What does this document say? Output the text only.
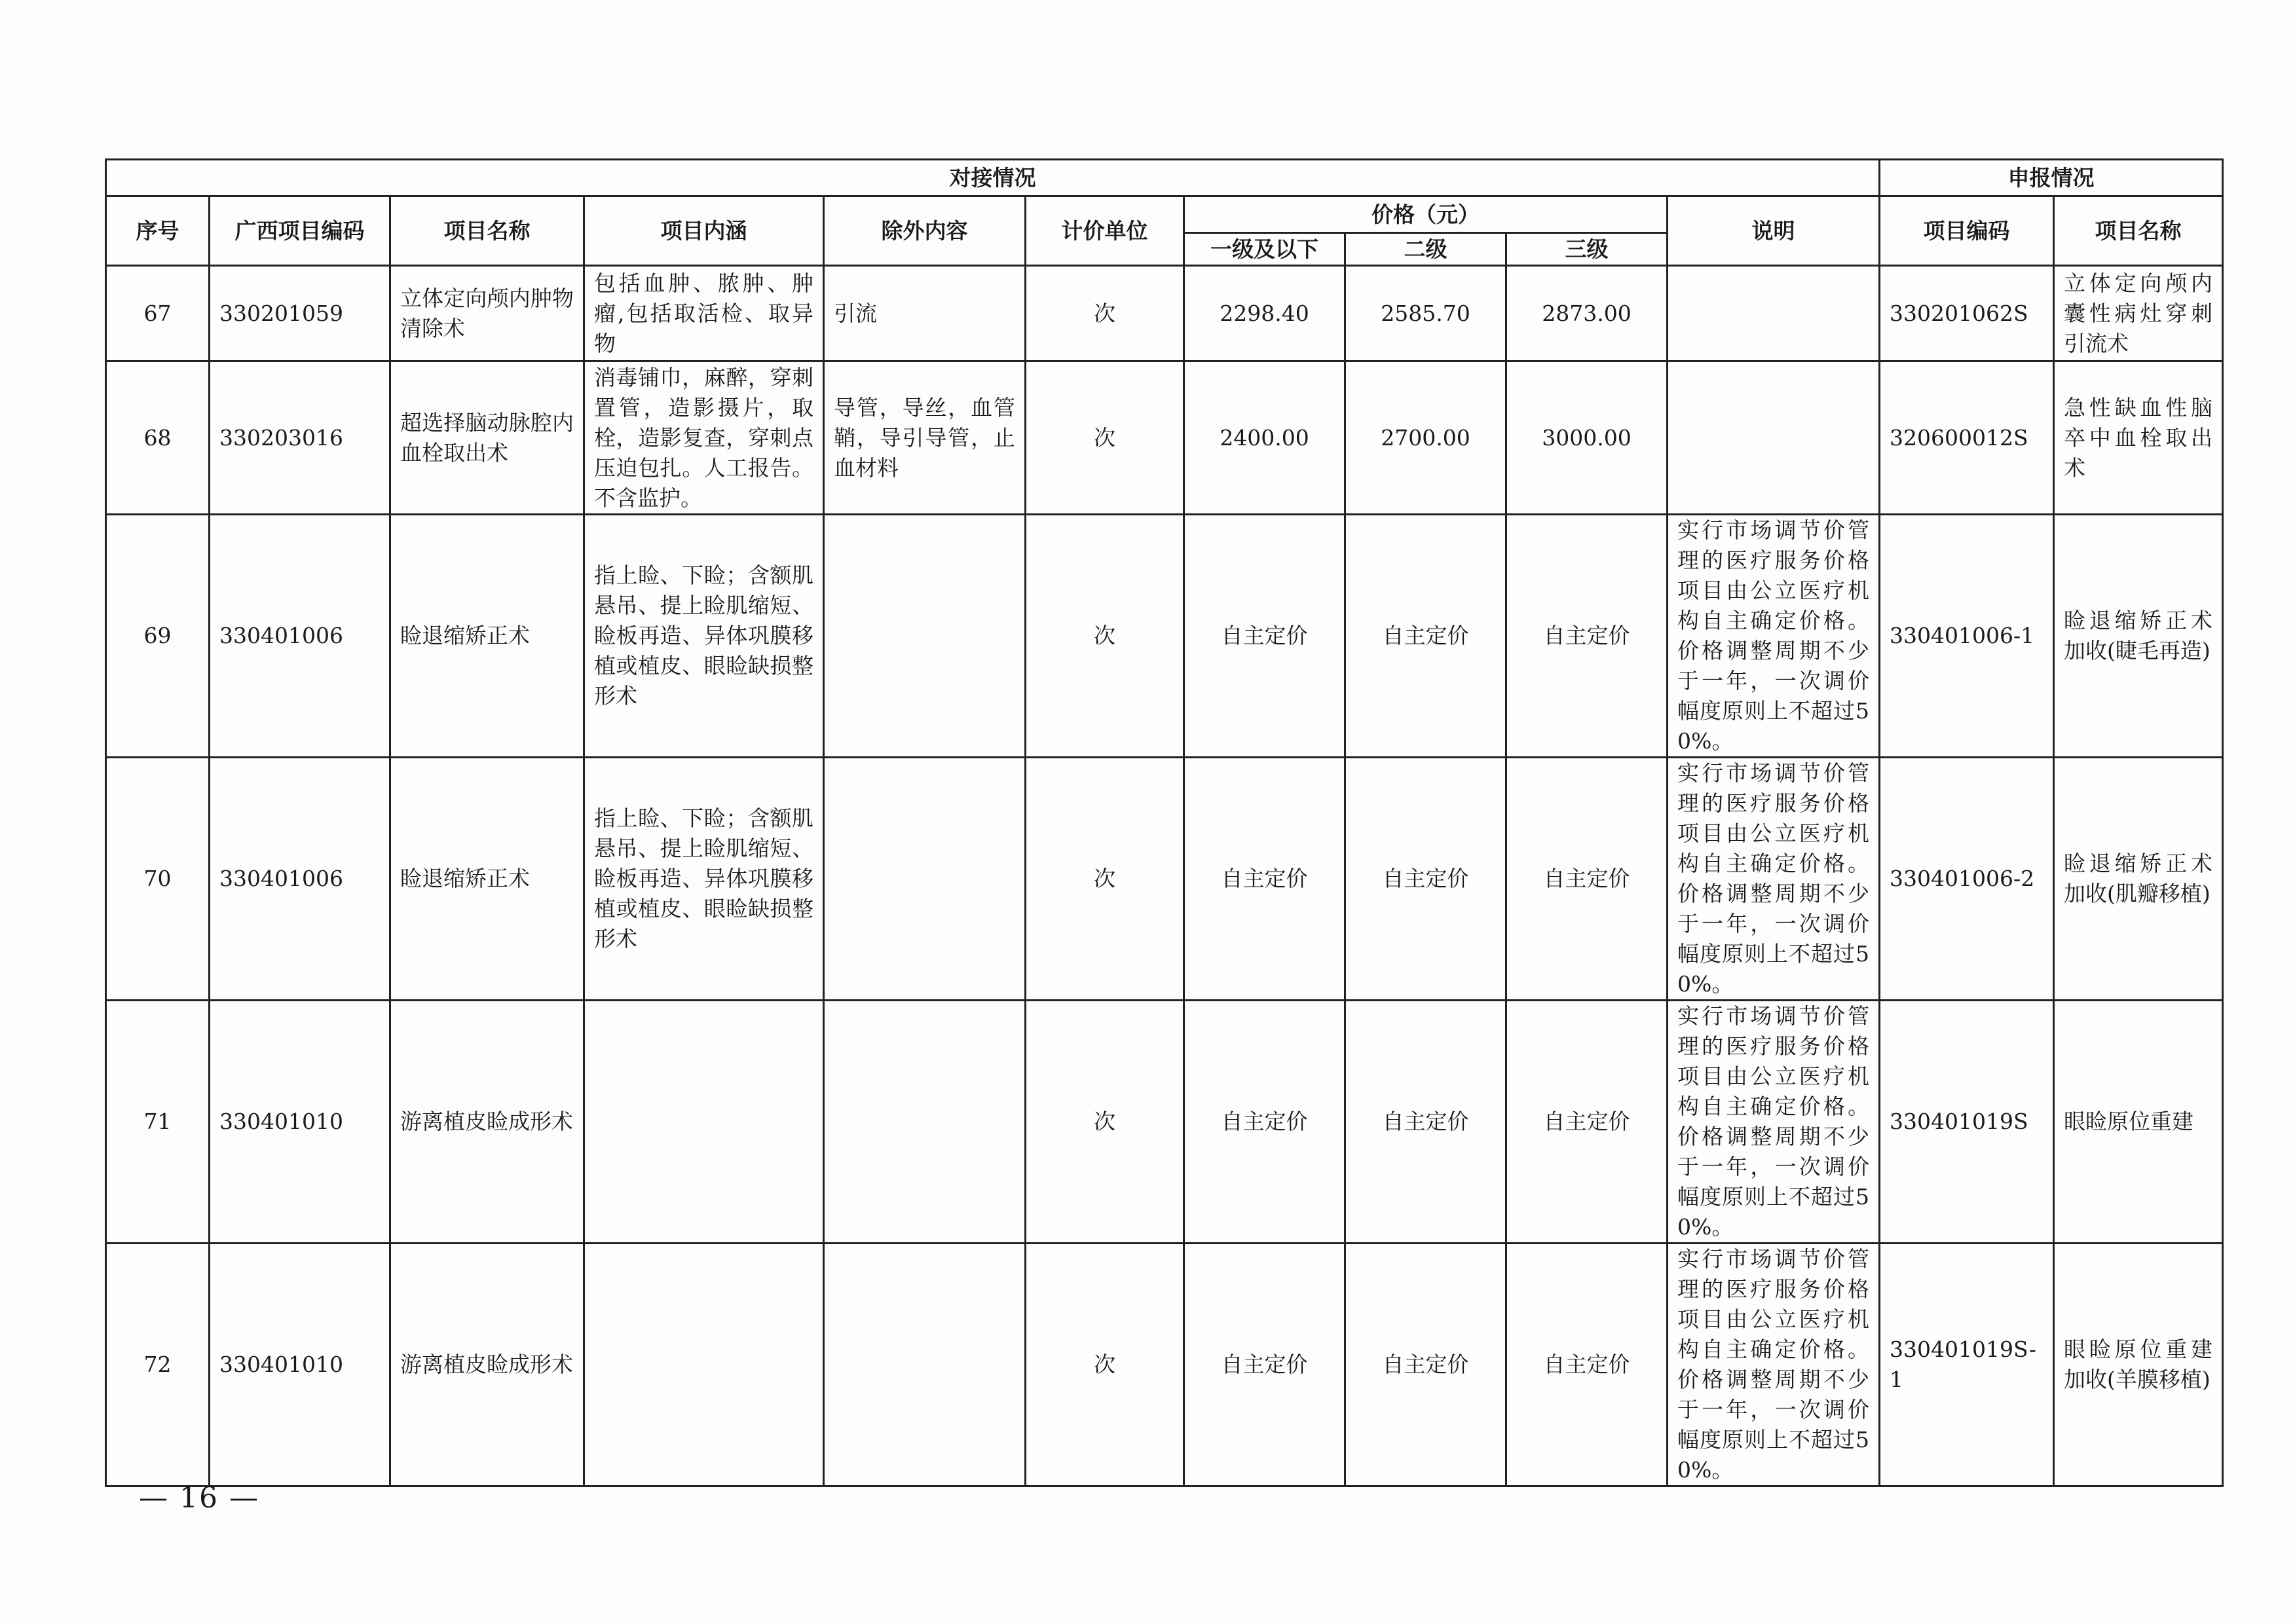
对接情况										申报情况	
序号	广西项目编码	项目名称	项目内涵	除外内容	计价单位	价格（元）			说明	项目编码	项目名称
						一级及以下	二级	三级			
67	330201059	立体定向颅内肿物清除术	包括血肿、脓肿、肿瘤,包括取活检、取异物	引流	次	2298.40	2585.70	2873.00		330201062S	立体定向颅内囊性病灶穿刺引流术
68	330203016	超选择脑动脉腔内血栓取出术	消毒铺巾，麻醉，穿刺置管，造影摄片，取栓，造影复查，穿刺点压迫包扎。人工报告。不含监护。	导管，导丝，血管鞘，导引导管，止血材料	次	2400.00	2700.00	3000.00		320600012S	急性缺血性脑卒中血栓取出术
69	330401006	睑退缩矫正术	指上睑、下睑；含额肌悬吊、提上睑肌缩短、睑板再造、异体巩膜移植或植皮、眼睑缺损整形术		次	自主定价	自主定价	自主定价	实行市场调节价管理的医疗服务价格项目由公立医疗机构自主确定价格。价格调整周期不少于一年，一次调价幅度原则上不超过50%。	330401006-1	睑退缩矫正术加收(睫毛再造)
70	330401006	睑退缩矫正术	指上睑、下睑；含额肌悬吊、提上睑肌缩短、睑板再造、异体巩膜移植或植皮、眼睑缺损整形术		次	自主定价	自主定价	自主定价	实行市场调节价管理的医疗服务价格项目由公立医疗机构自主确定价格。价格调整周期不少于一年，一次调价幅度原则上不超过50%。	330401006-2	睑退缩矫正术加收(肌瓣移植)
71	330401010	游离植皮睑成形术			次	自主定价	自主定价	自主定价	实行市场调节价管理的医疗服务价格项目由公立医疗机构自主确定价格。价格调整周期不少于一年，一次调价幅度原则上不超过50%。	330401019S	眼睑原位重建
72	330401010	游离植皮睑成形术			次	自主定价	自主定价	自主定价	实行市场调节价管理的医疗服务价格项目由公立医疗机构自主确定价格。价格调整周期不少于一年，一次调价幅度原则上不超过50%。	330401019S-1	眼睑原位重建加收(羊膜移植)
— 16 —
